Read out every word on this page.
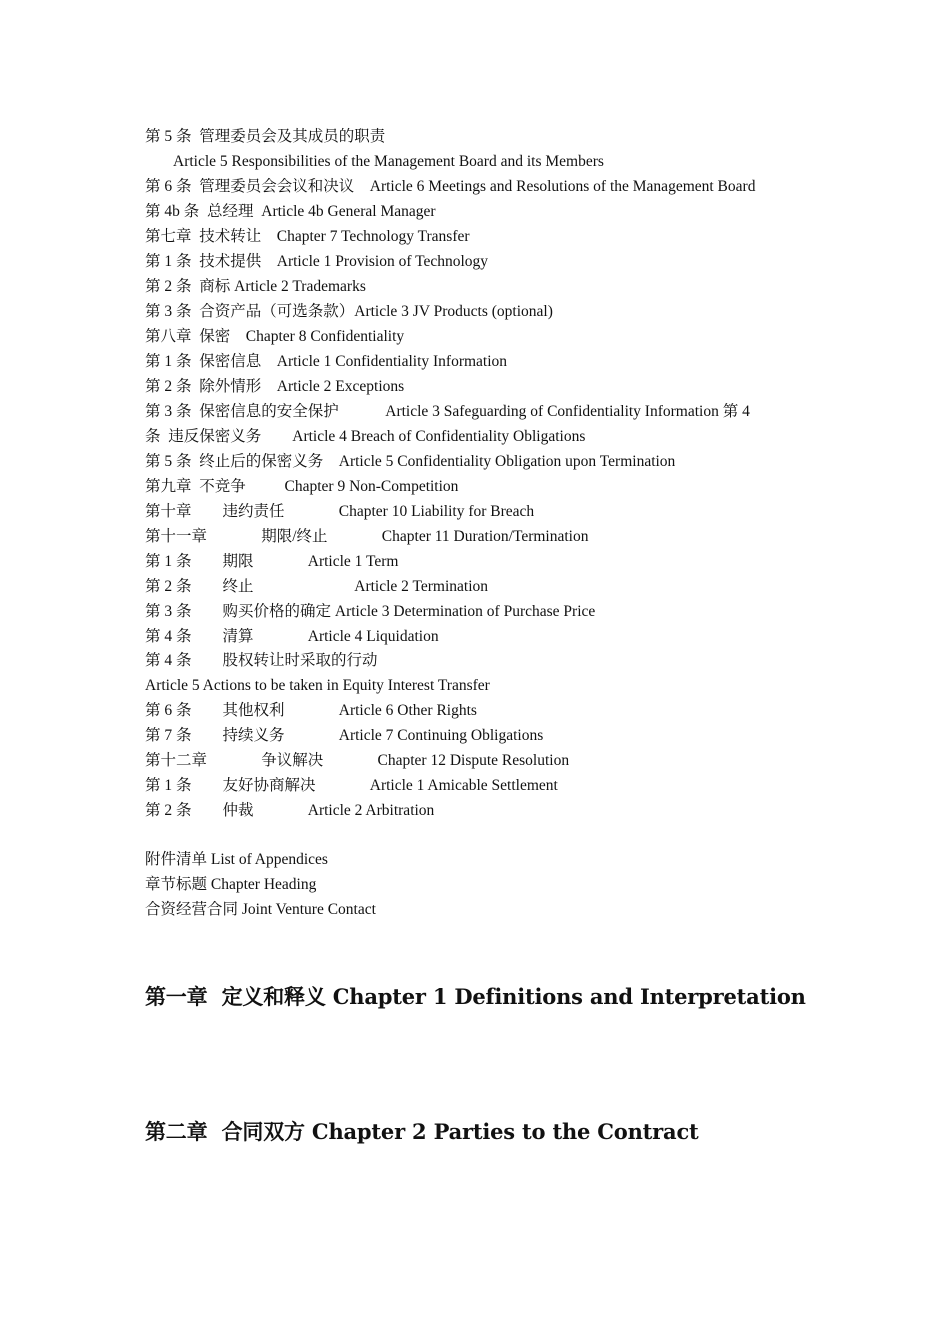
第 5 条  管理委员会及其成员的职责

Article 5 Responsibilities of the Management Board and its Members

第 6 条  管理委员会会议和决议    Article 6 Meetings and Resolutions of the Management Board

第 4b 条  总经理  Article 4b General Manager

第七章  技术转让    Chapter 7 Technology Transfer

第 1 条  技术提供    Article 1 Provision of Technology

第 2 条  商标 Article 2 Trademarks

第 3 条  合资产品（可选条款）Article 3 JV Products (optional)

第八章  保密    Chapter 8 Confidentiality

第 1 条  保密信息    Article 1 Confidentiality Information

第 2 条  除外情形    Article 2 Exceptions

第 3 条  保密信息的安全保护            Article 3 Safeguarding of Confidentiality Information 第 4

条  违反保密义务        Article 4 Breach of Confidentiality Obligations

第 5 条  终止后的保密义务    Article 5 Confidentiality Obligation upon Termination

第九章  不竞争          Chapter 9 Non-Competition

第十章        违约责任              Chapter 10 Liability for Breach

第十一章              期限/终止              Chapter 11 Duration/Termination

第 1 条        期限              Article 1 Term

第 2 条        终止                          Article 2 Termination

第 3 条        购买价格的确定 Article 3 Determination of Purchase Price

第 4 条        清算              Article 4 Liquidation

第 4 条        股权转让时采取的行动

Article 5 Actions to be taken in Equity Interest Transfer

第 6 条        其他权利              Article 6 Other Rights

第 7 条        持续义务              Article 7 Continuing Obligations

第十二章              争议解决              Chapter 12 Dispute Resolution

第 1 条        友好协商解决              Article 1 Amicable Settlement

第 2 条        仲裁              Article 2 Arbitration

附件清单 List of Appendices

章节标题 Chapter Heading

合资经营合同 Joint Venture Contact

第一章  定义和释义 Chapter 1 Definitions and Interpretation
第二章  合同双方 Chapter 2 Parties to the Contract
